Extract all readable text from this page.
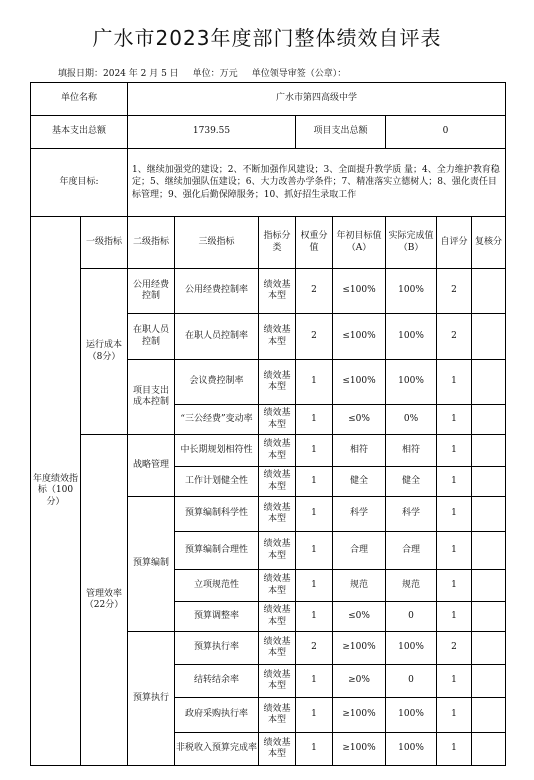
广水市2023年度部门整体绩效自评表
填报日期：2024 年 2 月 5 日 单位：万元 单位领导审签（公章）：
单位名称		广水市第四高级中学							
基本支出总额		1739.55			项目支出总额		0		
年度目标:		1、继续加强党的建设；2、不断加强作风建设；3、全面提升教学质 量；4、全力维护教育稳定；5、继续加强队伍建设；6、大力改善办学条件；7、精准落实立德树人；8、强化责任目标管理；9、强化后勤保障服务；10、抓好招生录取工作							
年度绩效指标（100分）	一级指标	二级指标	三级指标	指标分类	权重分值	年初目标值（A）	实际完成值（B）	自评分	复核分
	运行成本（8分）	公用经费控制	公用经费控制率	绩效基本型	2	≤100%	100%	2	
		在职人员控制	在职人员控制率	绩效基本型	2	≤100%	100%	2	
		项目支出成本控制	会议费控制率	绩效基本型	1	≤100%	100%	1	
			“三公经费”变动率	绩效基本型	1	≤0%	0%	1	
	管理效率（22分）	战略管理	中长期规划相符性	绩效基本型	1	相符	相符	1	
			工作计划健全性	绩效基本型	1	健全	健全	1	
		预算编制	预算编制科学性	绩效基本型	1	科学	科学	1	
			预算编制合理性	绩效基本型	1	合理	合理	1	
			立项规范性	绩效基本型	1	规范	规范	1	
			预算调整率	绩效基本型	1	≤0%	0	1	
		预算执行	预算执行率	绩效基本型	2	≥100%	100%	2	
			结转结余率	绩效基本型	1	≥0%	0	1	
			政府采购执行率	绩效基本型	1	≥100%	100%	1	
			非税收入预算完成率	绩效基本型	1	≥100%	100%	1	
